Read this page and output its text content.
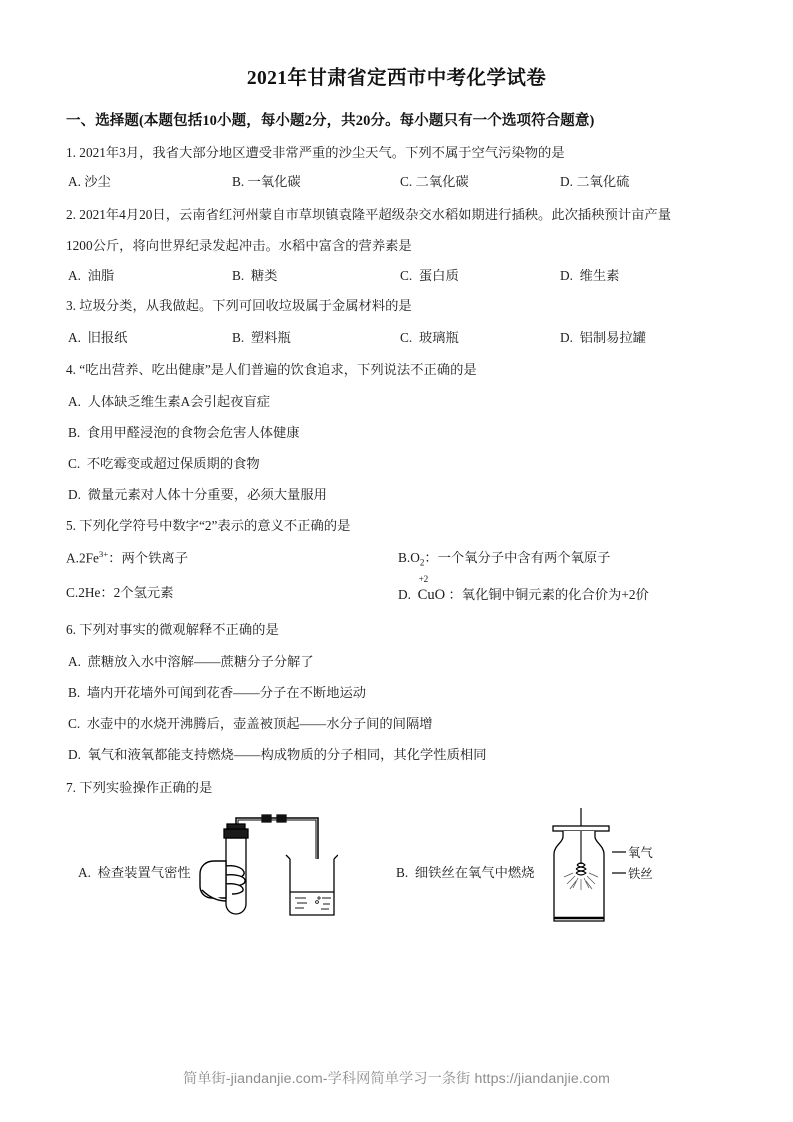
2021年甘肃省定西市中考化学试卷
一、选择题(本题包括10小题，每小题2分，共20分。每小题只有一个选项符合题意)
1. 2021年3月，我省大部分地区遭受非常严重的沙尘天气。下列不属于空气污染物的是
A. 沙尘	B. 一氧化碳	C. 二氧化碳	D. 二氧化硫
2. 2021年4月20日，云南省红河州蒙自市草坝镇袁隆平超级杂交水稻如期进行插秧。此次插秧预计亩产量
1200公斤，将向世界纪录发起冲击。水稻中富含的营养素是
A. 油脂	B. 糖类	C. 蛋白质	D. 维生素
3. 垃圾分类，从我做起。下列可回收垃圾属于金属材料的是
A. 旧报纸	B. 塑料瓶	C. 玻璃瓶	D. 铝制易拉罐
4. “吃出营养、吃出健康”是人们普遍的饮食追求，下列说法不正确的是
A. 人体缺乏维生素A会引起夜盲症
B. 食用甲醛浸泡的食物会危害人体健康
C. 不吃霉变或超过保质期的食物
D. 微量元素对人体十分重要，必须大量服用
5. 下列化学符号中数字“2”表示的意义不正确的是
$A.2Fe^{3+}$：两个铁离子	$B.O_2$：一个氧分子中含有两个氧原子
C.2He：2个氢元素	D.
+2
CuO ：氧化铜中铜元素的化合价为+2价
6. 下列对事实的微观解释不正确的是
A. 蔗糖放入水中溶解——蔗糖分子分解了
B. 墙内开花墙外可闻到花香——分子在不断地运动
C. 水壶中的水烧开沸腾后，壶盖被顶起——水分子间的间隔增
D. 氧气和液氧都能支持燃烧——构成物质的分子相同，其化学性质相同
7. 下列实验操作正确的是
A. 检查装置气密性	B. 细铁丝在氧气中燃烧
氧气
铁丝
简单街-jiandanjie.com-学科网简单学习一条街 https://jiandanjie.com
